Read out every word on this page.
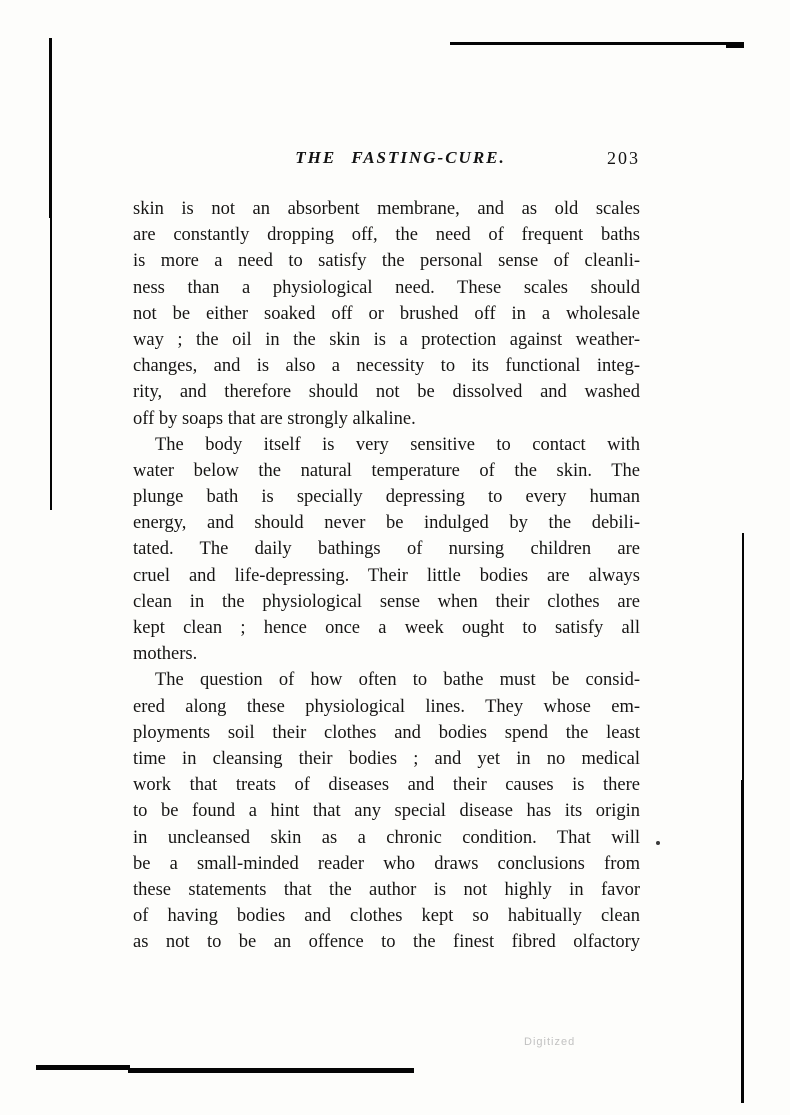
THE FASTING-CURE.	203
skin is not an absorbent membrane, and as old scales
are constantly dropping off, the need of frequent baths
is more a need to satisfy the personal sense of cleanli-
ness than a physiological need. These scales should
not be either soaked off or brushed off in a wholesale
way ; the oil in the skin is a protection against weather-
changes, and is also a necessity to its functional integ-
rity, and therefore should not be dissolved and washed
off by soaps that are strongly alkaline.
The body itself is very sensitive to contact with
water below the natural temperature of the skin. The
plunge bath is specially depressing to every human
energy, and should never be indulged by the debili-
tated. The daily bathings of nursing children are
cruel and life-depressing. Their little bodies are always
clean in the physiological sense when their clothes are
kept clean ; hence once a week ought to satisfy all
mothers.
The question of how often to bathe must be consid-
ered along these physiological lines. They whose em-
ployments soil their clothes and bodies spend the least
time in cleansing their bodies ; and yet in no medical
work that treats of diseases and their causes is there
to be found a hint that any special disease has its origin
in uncleansed skin as a chronic condition. That will
be a small-minded reader who draws conclusions from
these statements that the author is not highly in favor
of having bodies and clothes kept so habitually clean
as not to be an offence to the finest fibred olfactory
Digitized
